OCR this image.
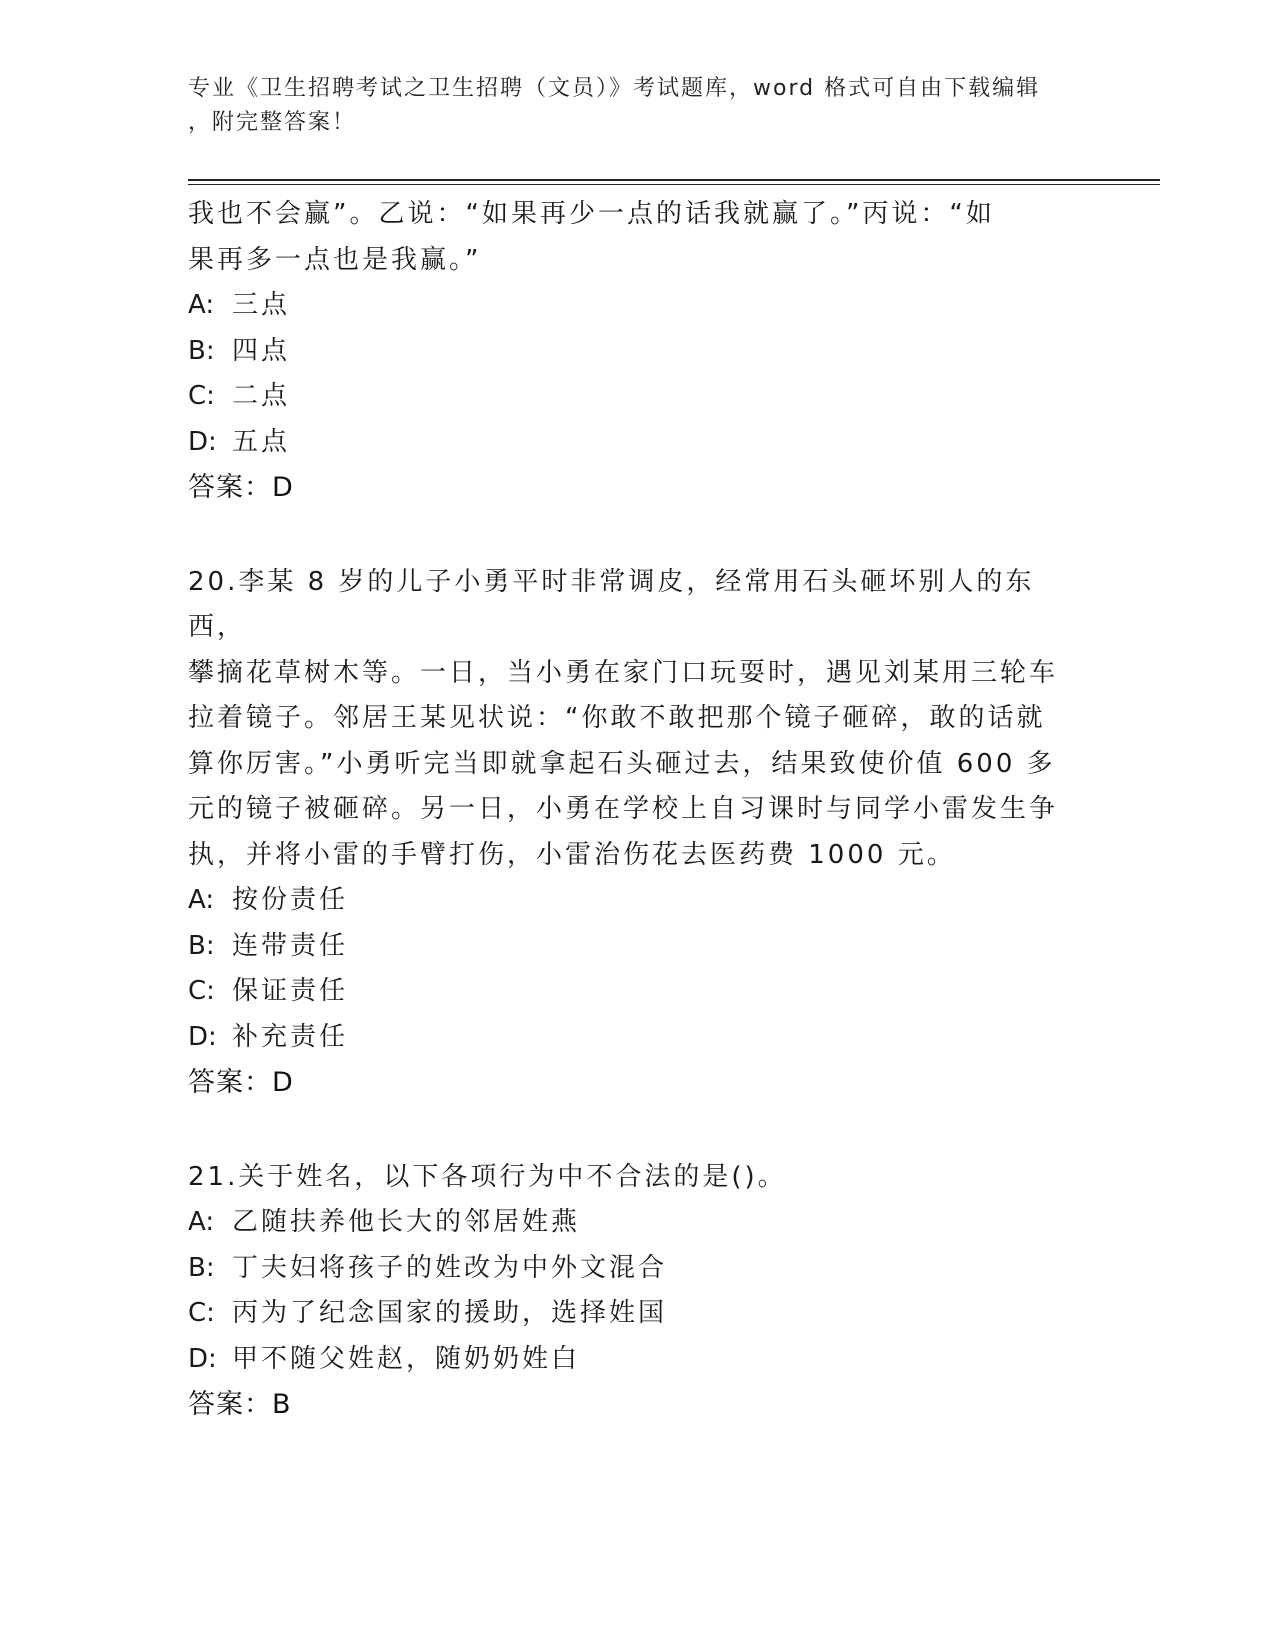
专业《卫生招聘考试之卫生招聘（文员）》考试题库，word 格式可自由下载编辑
，附完整答案！

我也不会赢”。乙说：“如果再少一点的话我就赢了。”丙说：“如
果再多一点也是我赢。”

A: 三点

B: 四点

C: 二点

D: 五点

答案：D

20.李某 8 岁的儿子小勇平时非常调皮，经常用石头砸坏别人的东西，
攀摘花草树木等。一日，当小勇在家门口玩耍时，遇见刘某用三轮车
拉着镜子。邻居王某见状说：“你敢不敢把那个镜子砸碎，敢的话就
算你厉害。”小勇听完当即就拿起石头砸过去，结果致使价值 600 多
元的镜子被砸碎。另一日，小勇在学校上自习课时与同学小雷发生争
执，并将小雷的手臂打伤，小雷治伤花去医药费 1000 元。

A: 按份责任

B: 连带责任

C: 保证责任

D: 补充责任

答案：D

21.关于姓名，以下各项行为中不合法的是()。

A: 乙随扶养他长大的邻居姓燕

B: 丁夫妇将孩子的姓改为中外文混合

C: 丙为了纪念国家的援助，选择姓国

D: 甲不随父姓赵，随奶奶姓白

答案：B
